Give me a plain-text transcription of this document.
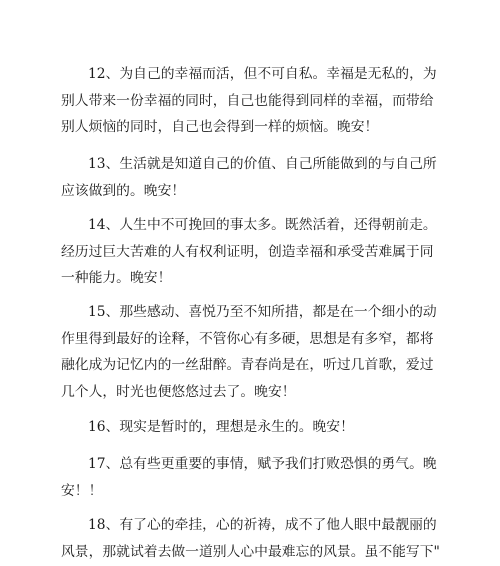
12、为自己的幸福而活，但不可自私。幸福是无私的，为
别人带来一份幸福的同时，自己也能得到同样的幸福，而带给
别人烦恼的同时，自己也会得到一样的烦恼。晚安！
13、生活就是知道自己的价值、自己所能做到的与自己所
应该做到的。晚安！
14、人生中不可挽回的事太多。既然活着，还得朝前走。
经历过巨大苦难的人有权利证明，创造幸福和承受苦难属于同
一种能力。晚安！
15、那些感动、喜悦乃至不知所措，都是在一个细小的动
作里得到最好的诠释，不管你心有多硬，思想是有多窄，都将
融化成为记忆内的一丝甜醉。青春尚是在，听过几首歌，爱过
几个人，时光也便悠悠过去了。晚安！
16、现实是暂时的，理想是永生的。晚安！
17、总有些更重要的事情，赋予我们打败恐惧的勇气。晚
安！！
18、有了心的牵挂，心的祈祷，成不了他人眼中最靓丽的
风景，那就试着去做一道别人心中最难忘的风景。虽不能写下"
